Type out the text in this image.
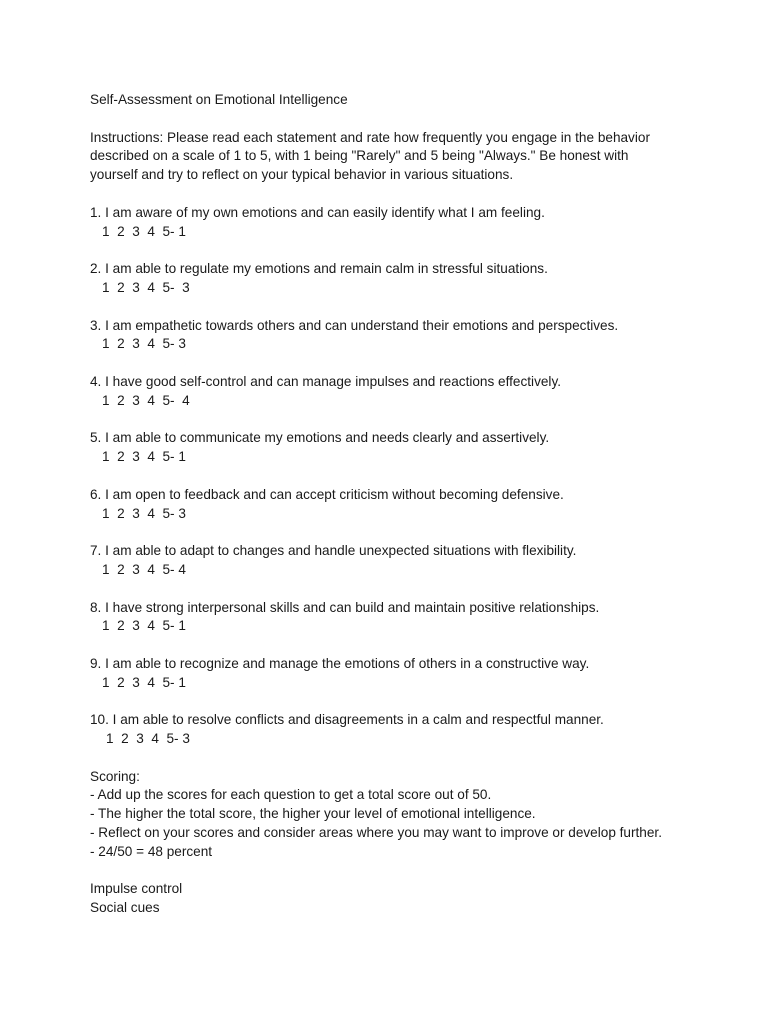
Self-Assessment on Emotional Intelligence
Instructions: Please read each statement and rate how frequently you engage in the behavior
described on a scale of 1 to 5, with 1 being "Rarely" and 5 being "Always." Be honest with
yourself and try to reflect on your typical behavior in various situations.
1. I am aware of my own emotions and can easily identify what I am feeling.
1  2  3  4  5- 1
2. I am able to regulate my emotions and remain calm in stressful situations.
1  2  3  4  5-  3
3. I am empathetic towards others and can understand their emotions and perspectives.
1  2  3  4  5- 3
4. I have good self-control and can manage impulses and reactions effectively.
1  2  3  4  5-  4
5. I am able to communicate my emotions and needs clearly and assertively.
1  2  3  4  5- 1
6. I am open to feedback and can accept criticism without becoming defensive.
1  2  3  4  5- 3
7. I am able to adapt to changes and handle unexpected situations with flexibility.
1  2  3  4  5- 4
8. I have strong interpersonal skills and can build and maintain positive relationships.
1  2  3  4  5- 1
9. I am able to recognize and manage the emotions of others in a constructive way.
1  2  3  4  5- 1
10. I am able to resolve conflicts and disagreements in a calm and respectful manner.
1  2  3  4  5- 3
Scoring:
- Add up the scores for each question to get a total score out of 50.
- The higher the total score, the higher your level of emotional intelligence.
- Reflect on your scores and consider areas where you may want to improve or develop further.
- 24/50 = 48 percent
Impulse control
Social cues
